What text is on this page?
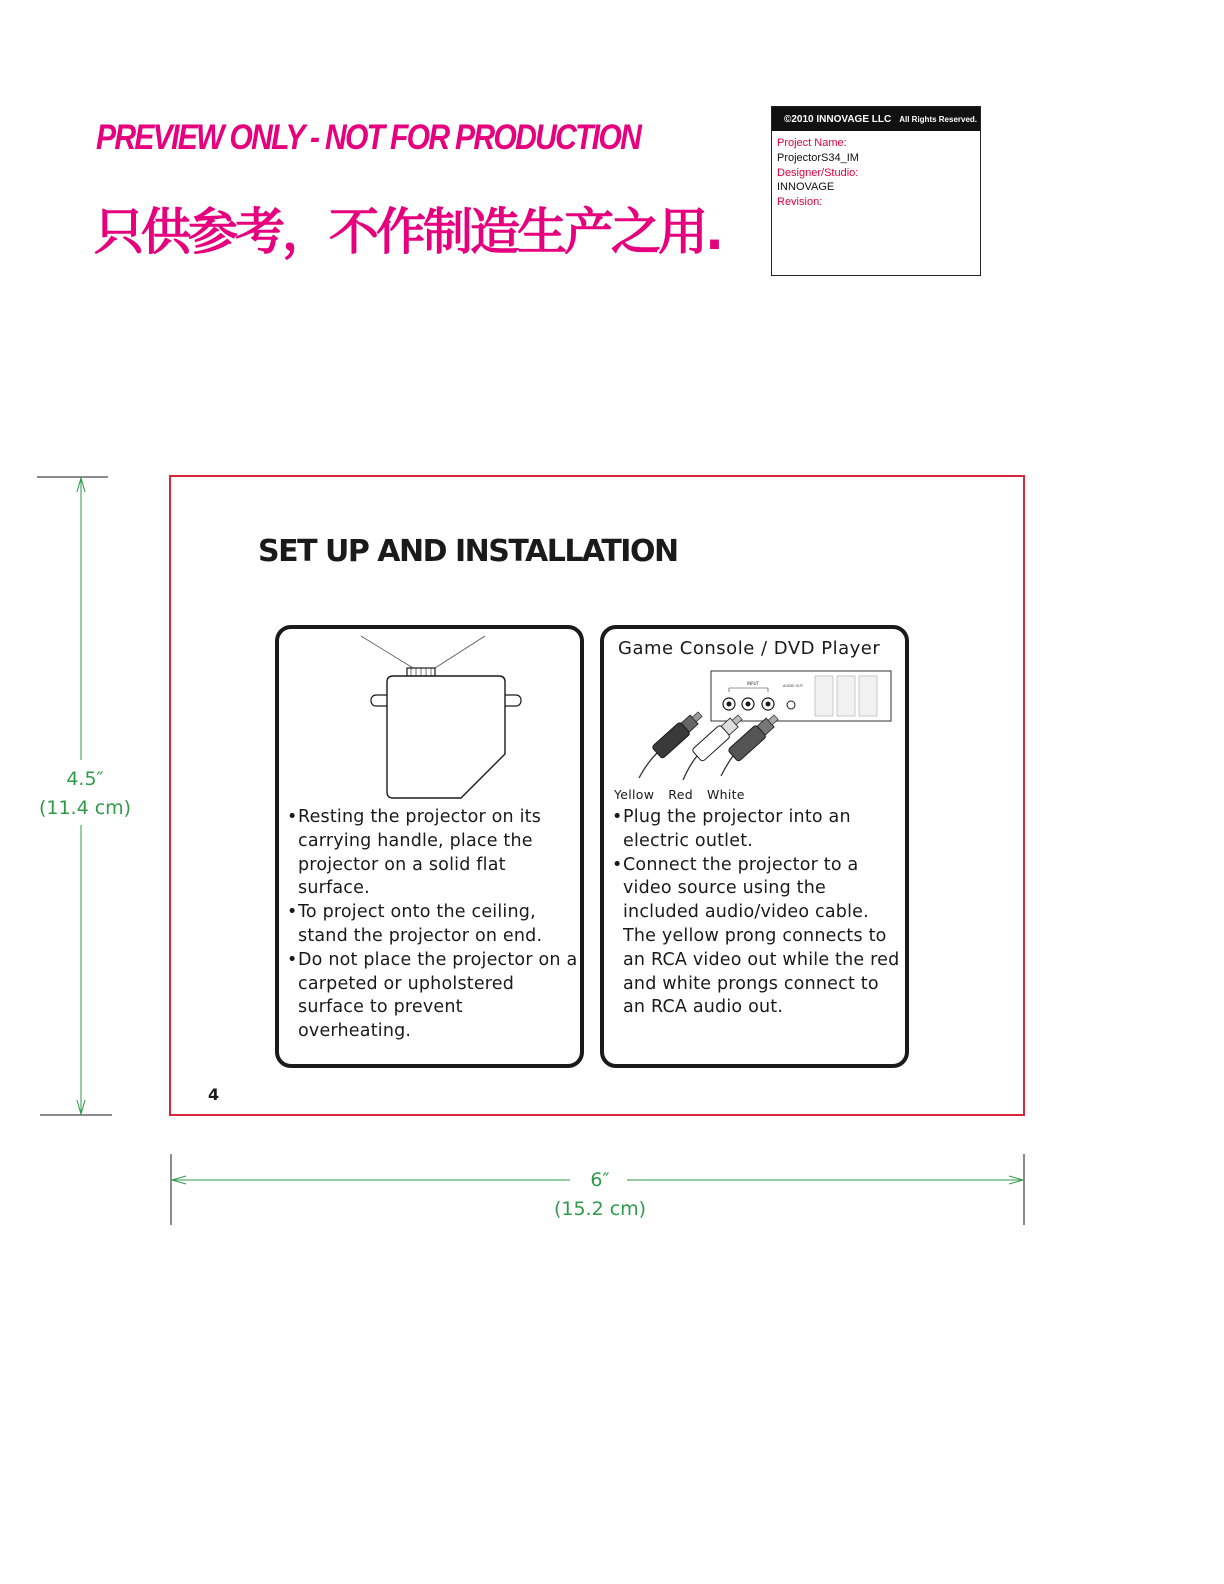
PREVIEW ONLY - NOT FOR PRODUCTION
只供参考，不作制造生产之用.
©2010 INNOVAGE LLC All Rights Reserved.
Project Name:
ProjectorS34_IM
Designer/Studio:
INNOVAGE
Revision:
4.5″
(11.4 cm)
6″
(15.2 cm)
SET UP AND INSTALLATION
• Resting the projector on its carrying handle, place the projector on a solid flat surface.
• To project onto the ceiling, stand the projector on end.
• Do not place the projector on a carpeted or upholstered surface to prevent overheating.
Game Console / DVD Player
INPUT	AUDIO OUT
Yellow Red White
• Plug the projector into an electric outlet.
• Connect the projector to a video source using the included audio/video cable. The yellow prong connects to an RCA video out while the red and white prongs connect to an RCA audio out.
4
